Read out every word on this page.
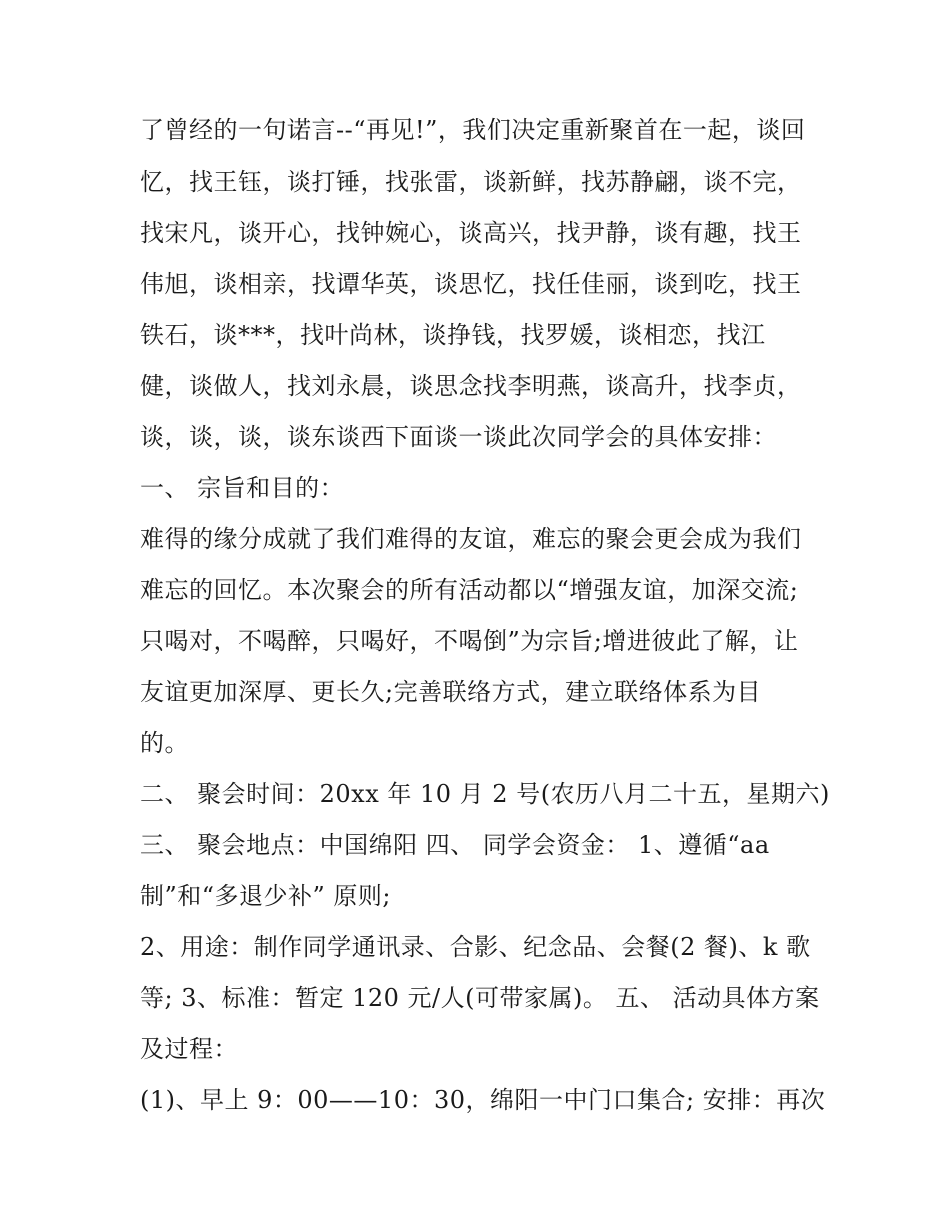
了曾经的一句诺言--“再见!”，我们决定重新聚首在一起，谈回
忆，找王钰，谈打锤，找张雷，谈新鲜，找苏静翩，谈不完，
找宋凡，谈开心，找钟婉心，谈高兴，找尹静，谈有趣，找王
伟旭，谈相亲，找谭华英，谈思忆，找任佳丽，谈到吃，找王
铁石，谈***，找叶尚林，谈挣钱，找罗媛，谈相恋，找江
健，谈做人，找刘永晨，谈思念找李明燕，谈高升，找李贞，
谈，谈，谈，谈东谈西下面谈一谈此次同学会的具体安排：
一、 宗旨和目的：
难得的缘分成就了我们难得的友谊，难忘的聚会更会成为我们
难忘的回忆。本次聚会的所有活动都以“增强友谊，加深交流;
只喝对，不喝醉，只喝好，不喝倒”为宗旨;增进彼此了解，让
友谊更加深厚、更长久;完善联络方式，建立联络体系为目
的。
二、 聚会时间：20xx 年 10 月 2 号(农历八月二十五，星期六)
三、 聚会地点：中国绵阳 四、 同学会资金： 1、遵循“aa
制”和“多退少补” 原则;
2、用途：制作同学通讯录、合影、纪念品、会餐(2 餐)、k 歌
等; 3、标准：暂定 120 元/人(可带家属)。 五、 活动具体方案
及过程：
(1)、早上 9：00——10：30，绵阳一中门口集合; 安排：再次
